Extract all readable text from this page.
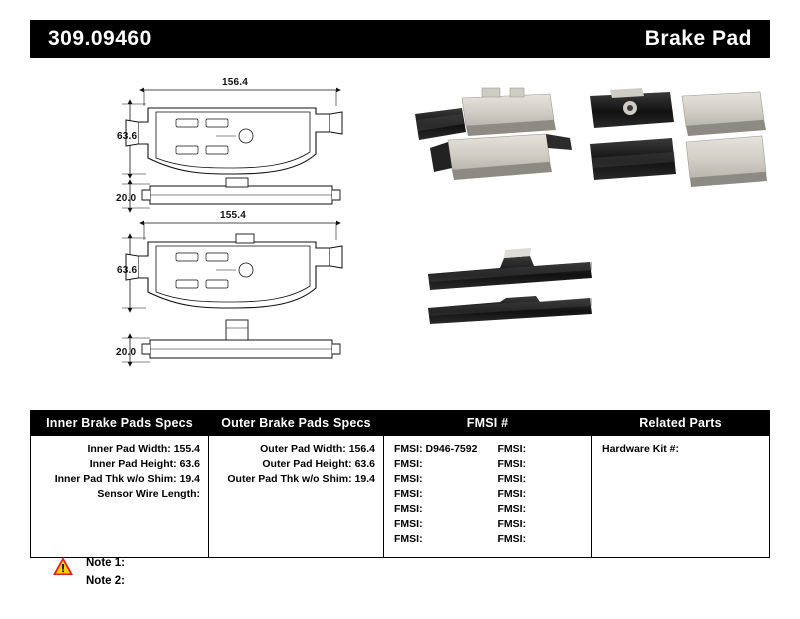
309.09460	Brake Pad
156.4
63.6
20.0
155.4
63.6
20.0
Inner Brake Pads Specs
Inner Pad Width: 155.4
Inner Pad Height: 63.6
Inner Pad Thk w/o Shim: 19.4
Sensor Wire Length:
Outer Brake Pads Specs
Outer Pad Width: 156.4
Outer Pad Height: 63.6
Outer Pad Thk w/o Shim: 19.4
FMSI #
FMSI: D946-7592
FMSI:
FMSI:
FMSI:
FMSI:
FMSI:
FMSI:
FMSI:
FMSI:
FMSI:
FMSI:
FMSI:
FMSI:
FMSI:
Related Parts
Hardware Kit #:
Note 1:
Note 2:
